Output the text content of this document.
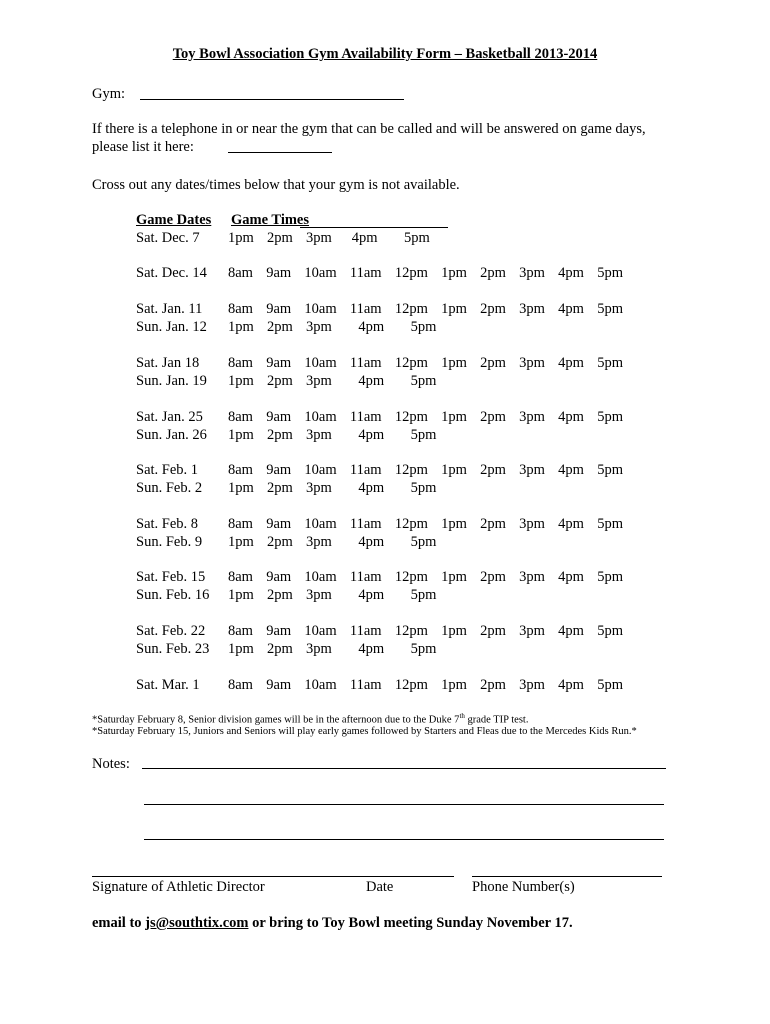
Toy Bowl Association Gym Availability Form – Basketball 2013-2014
Gym:
If there is a telephone in or near the gym that can be called and will be answered on game days,
please list it here:
Cross out any dates/times below that your gym is not available.
Game Dates Game Times
Sat. Dec. 7 1pm  2pm  3pm   4pm    5pm
Sat. Dec. 14 8am  9am  10am  11am  12pm  1pm  2pm  3pm  4pm  5pm
Sat. Jan. 11 8am  9am  10am  11am  12pm  1pm  2pm  3pm  4pm  5pm
Sun. Jan. 12 1pm  2pm  3pm    4pm    5pm
Sat. Jan 18 8am  9am  10am  11am  12pm  1pm  2pm  3pm  4pm  5pm
Sun. Jan. 19 1pm  2pm  3pm    4pm    5pm
Sat. Jan. 25 8am  9am  10am  11am  12pm  1pm  2pm  3pm  4pm  5pm
Sun. Jan. 26 1pm  2pm  3pm    4pm    5pm
Sat. Feb. 1 8am  9am  10am  11am  12pm  1pm  2pm  3pm  4pm  5pm
Sun. Feb. 2 1pm  2pm  3pm    4pm    5pm
Sat. Feb. 8 8am  9am  10am  11am  12pm  1pm  2pm  3pm  4pm  5pm
Sun. Feb. 9 1pm  2pm  3pm    4pm    5pm
Sat. Feb. 15 8am  9am  10am  11am  12pm  1pm  2pm  3pm  4pm  5pm
Sun. Feb. 16 1pm  2pm  3pm    4pm    5pm
Sat. Feb. 22 8am  9am  10am  11am  12pm  1pm  2pm  3pm  4pm  5pm
Sun. Feb. 23 1pm  2pm  3pm    4pm    5pm
Sat. Mar. 1 8am  9am  10am  11am  12pm  1pm  2pm  3pm  4pm  5pm
*Saturday February 8, Senior division games will be in the afternoon due to the Duke 7th grade TIP test.
*Saturday February 15, Juniors and Seniors will play early games followed by Starters and Fleas due to the Mercedes Kids Run.*
Notes:
Signature of Athletic Director	Date	Phone Number(s)
email to js@southtix.com or bring to Toy Bowl meeting Sunday November 17.
